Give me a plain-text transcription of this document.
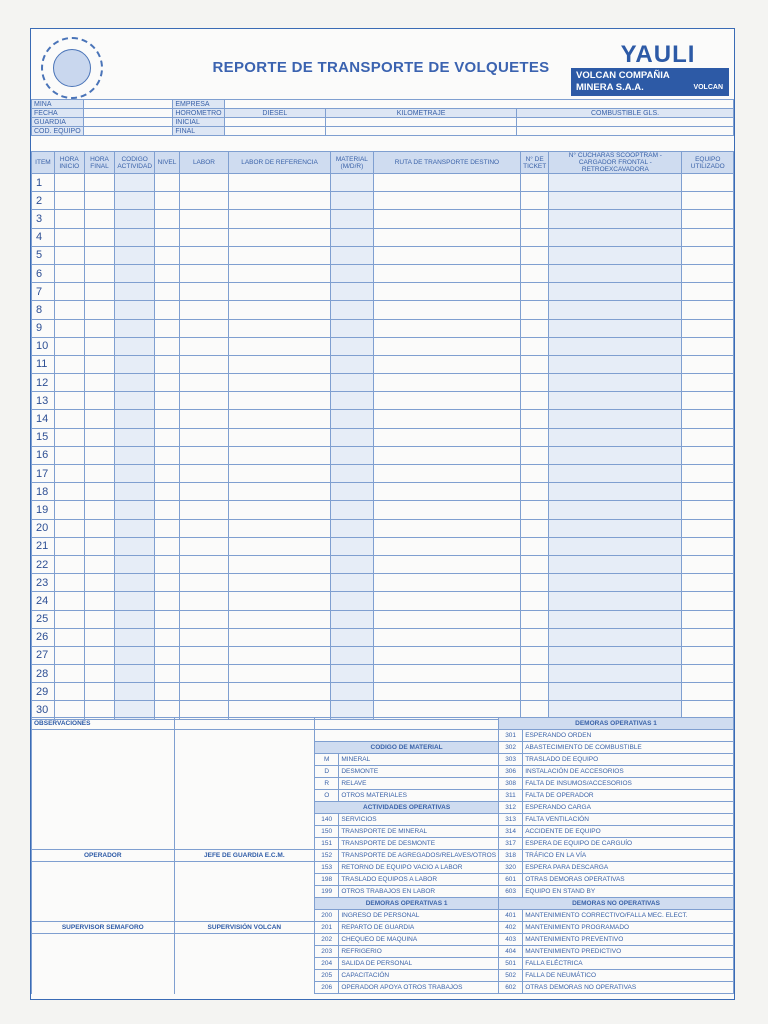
REPORTE DE TRANSPORTE DE VOLQUETES	YAULI
VOLCAN COMPAÑIA
MINERA S.A.A.	VOLCAN
MINA		EMPRESA			
FECHA		HOROMETRO	DIESEL	KILOMETRAJE	COMBUSTIBLE GLS.
GUARDIA		INICIAL			
COD. EQUIPO		FINAL			
ITEM	HORA INICIO	HORA FINAL	CODIGO ACTIVIDAD	NIVEL	LABOR	LABOR DE REFERENCIA	MATERIAL (M/D/R)	RUTA DE TRANSPORTE DESTINO	N° DE TICKET	N° CUCHARAS SCOOPTRAM - CARGADOR FRONTAL - RETROEXCAVADORA	EQUIPO UTILIZADO
1											
2											
3											
4											
5											
6											
7											
8											
9											
10											
11											
12											
13											
14											
15											
16											
17											
18											
19											
20											
21											
22											
23											
24											
25											
26											
27											
28											
29											
30											
OBSERVACIONES				DEMORAS OPERATIVAS 1	
				301	ESPERANDO ORDEN
		CODIGO DE MATERIAL		302	ABASTECIMIENTO DE COMBUSTIBLE
		M	MINERAL	303	TRASLADO DE EQUIPO
		D	DESMONTE	306	INSTALACIÓN DE ACCESORIOS
		R	RELAVE	308	FALTA DE INSUMOS/ACCESORIOS
		O	OTROS MATERIALES	311	FALTA DE OPERADOR
		ACTIVIDADES OPERATIVAS		312	ESPERANDO CARGA
		140	SERVICIOS	313	FALTA VENTILACIÓN
		150	TRANSPORTE DE MINERAL	314	ACCIDENTE DE EQUIPO
		151	TRANSPORTE DE DESMONTE	317	ESPERA DE EQUIPO DE CARGUÍO
OPERADOR	JEFE DE GUARDIA E.C.M.	152	TRANSPORTE DE AGREGADOS/RELAVES/OTROS	318	TRÁFICO EN LA VÍA
		153	RETORNO DE EQUIPO VACIO A LABOR	320	ESPERA PARA DESCARGA
		198	TRASLADO EQUIPOS A LABOR	601	OTRAS DEMORAS OPERATIVAS
		199	OTROS TRABAJOS EN LABOR	603	EQUIPO EN STAND BY
		DEMORAS OPERATIVAS 1		DEMORAS NO OPERATIVAS	
		200	INGRESO DE PERSONAL	401	MANTENIMIENTO CORRECTIVO/FALLA MEC. ELECT.
SUPERVISOR SEMAFORO	SUPERVISIÓN VOLCAN	201	REPARTO DE GUARDIA	402	MANTENIMIENTO PROGRAMADO
		202	CHEQUEO DE MAQUINA	403	MANTENIMIENTO PREVENTIVO
		203	REFRIGERIO	404	MANTENIMIENTO PREDICTIVO
		204	SALIDA DE PERSONAL	501	FALLA ELÉCTRICA
		205	CAPACITACIÓN	502	FALLA DE NEUMÁTICO
		206	OPERADOR APOYA OTROS TRABAJOS	602	OTRAS DEMORAS NO OPERATIVAS
